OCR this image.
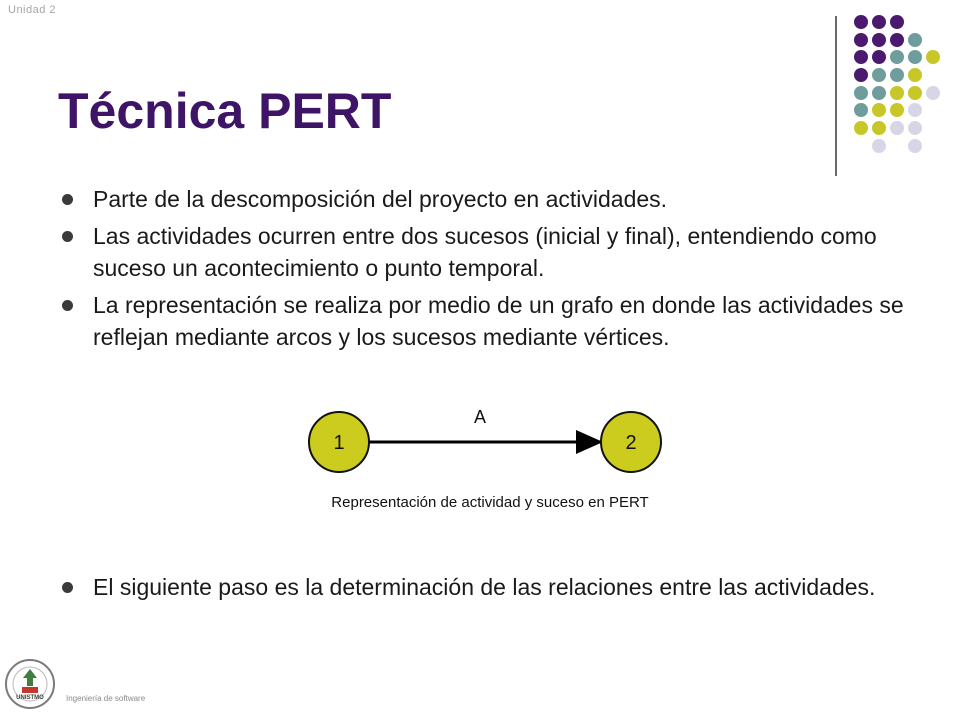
Unidad 2
Técnica PERT
Parte de la descomposición del proyecto en actividades.
Las actividades ocurren entre dos sucesos (inicial y final), entendiendo como suceso un acontecimiento o punto temporal.
La representación se realiza por medio de un grafo en donde las actividades se reflejan mediante arcos y los sucesos mediante vértices.
A
1	2
Representación de actividad y suceso en PERT
El siguiente paso es la determinación de las relaciones entre las actividades.
UNISTMO	Ingeniería de software
